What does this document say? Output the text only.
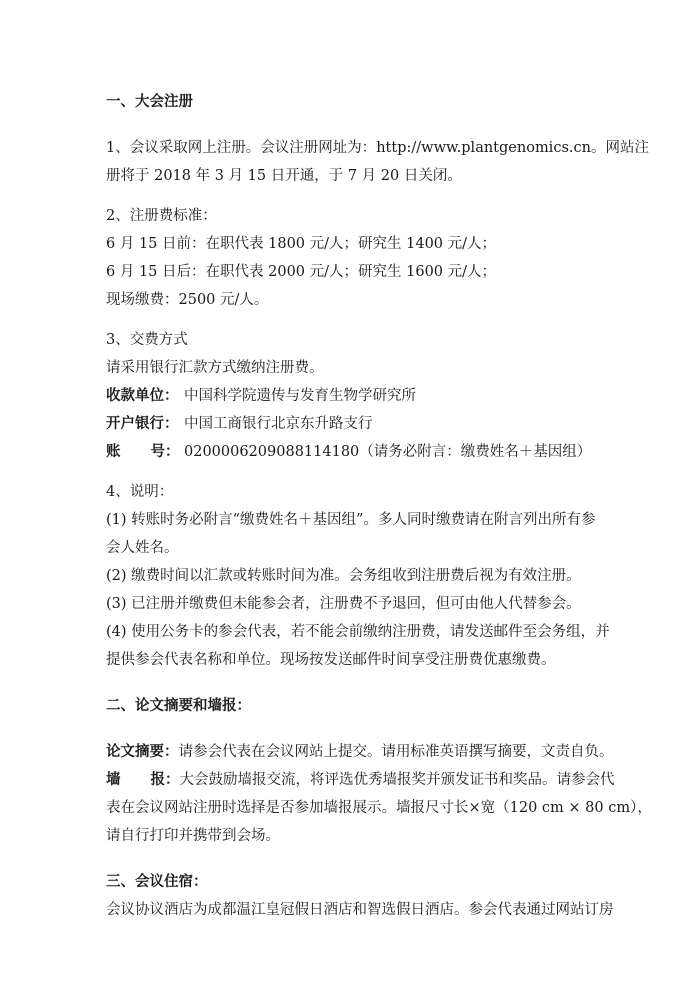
一、大会注册
1、会议采取网上注册。会议注册网址为：http://www.plantgenomics.cn。网站注
册将于 2018 年 3 月 15 日开通，于 7 月 20 日关闭。
2、注册费标准：
6 月 15 日前：在职代表 1800 元/人；研究生 1400 元/人；
6 月 15 日后：在职代表 2000 元/人；研究生 1600 元/人；
现场缴费：2500 元/人。
3、交费方式
请采用银行汇款方式缴纳注册费。
收款单位： 中国科学院遗传与发育生物学研究所
开户银行： 中国工商银行北京东升路支行
账 号： 0200006209088114180（请务必附言：缴费姓名＋基因组）
4、说明：
(1) 转账时务必附言“缴费姓名＋基因组”。多人同时缴费请在附言列出所有参
会人姓名。
(2) 缴费时间以汇款或转账时间为准。会务组收到注册费后视为有效注册。
(3) 已注册并缴费但未能参会者，注册费不予退回，但可由他人代替参会。
(4) 使用公务卡的参会代表，若不能会前缴纳注册费，请发送邮件至会务组，并
提供参会代表名称和单位。现场按发送邮件时间享受注册费优惠缴费。
二、论文摘要和墙报：
论文摘要：请参会代表在会议网站上提交。请用标准英语撰写摘要，文责自负。
墙 报：大会鼓励墙报交流，将评选优秀墙报奖并颁发证书和奖品。请参会代
表在会议网站注册时选择是否参加墙报展示。墙报尺寸长×宽（120 cm × 80 cm），
请自行打印并携带到会场。
三、会议住宿：
会议协议酒店为成都温江皇冠假日酒店和智选假日酒店。参会代表通过网站订房
